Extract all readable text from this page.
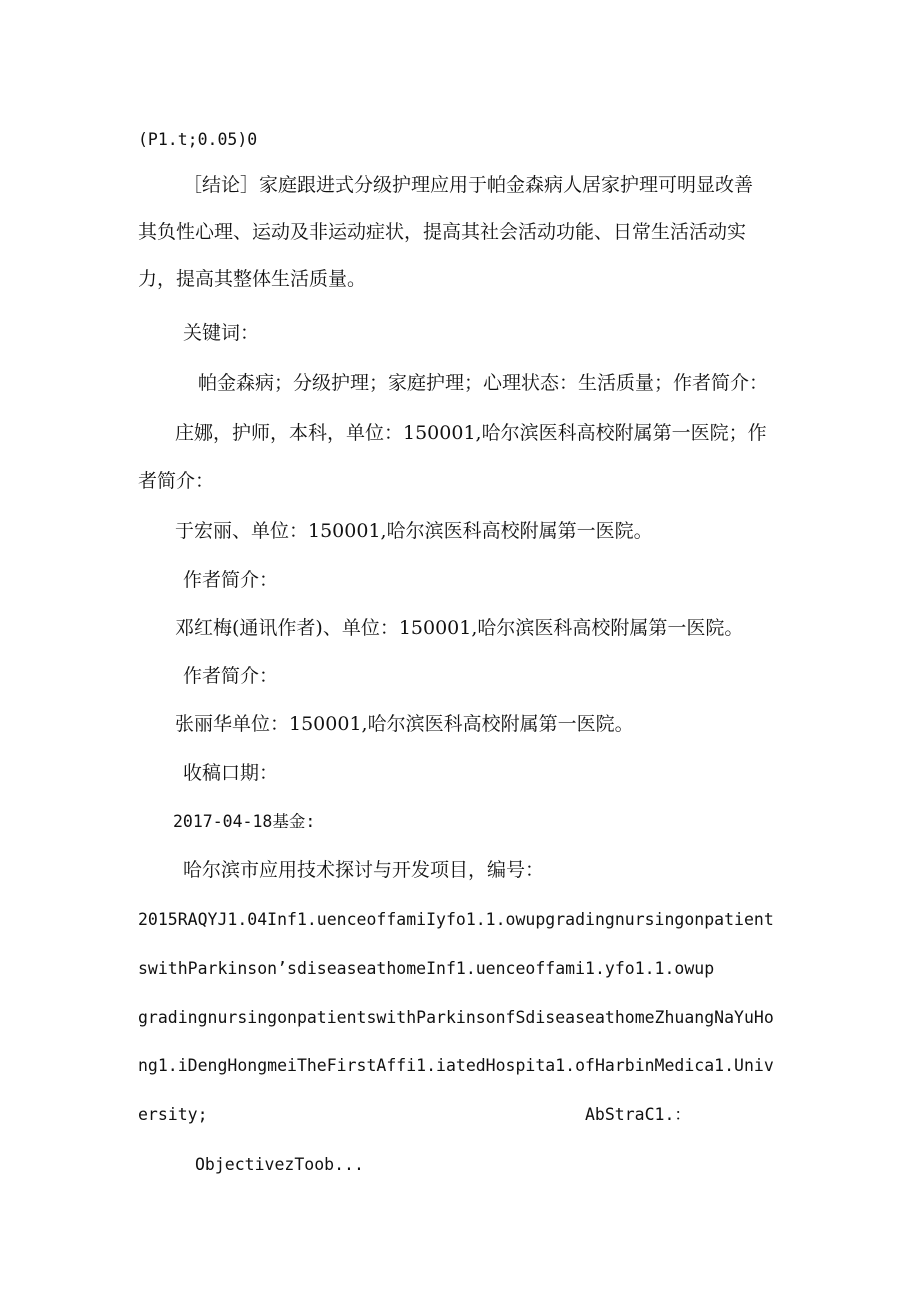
(P1.t;0.05)0

［结论］家庭跟进式分级护理应用于帕金森病人居家护理可明显改善

其负性心理、运动及非运动症状，提高其社会活动功能、日常生活活动实

力，提高其整体生活质量。

关键词：

帕金森病；分级护理；家庭护理；心理状态：生活质量；作者简介：

庄娜，护师，本科，单位：150001,哈尔滨医科高校附属第一医院；作

者简介：

于宏丽、单位：150001,哈尔滨医科高校附属第一医院。

作者简介：

邓红梅(通讯作者)、单位：150001,哈尔滨医科高校附属第一医院。

作者简介：

张丽华单位：150001,哈尔滨医科高校附属第一医院。

收稿口期：

2017-04-18基金:

哈尔滨市应用技术探讨与开发项目，编号：

2015RAQYJ1.04Inf1.uenceoffamiIyfo1.1.owupgradingnursingonpatient

swithParkinson’sdiseaseathomeInf1.uenceoffami1.yfo1.1.owup

gradingnursingonpatientswithParkinsonfSdiseaseathomeZhuangNaYuHo

ng1.iDengHongmeiTheFirstAffi1.iatedHospita1.ofHarbinMedica1.Univ

ersity;	AbStraC1.：

ObjectivezToob...
